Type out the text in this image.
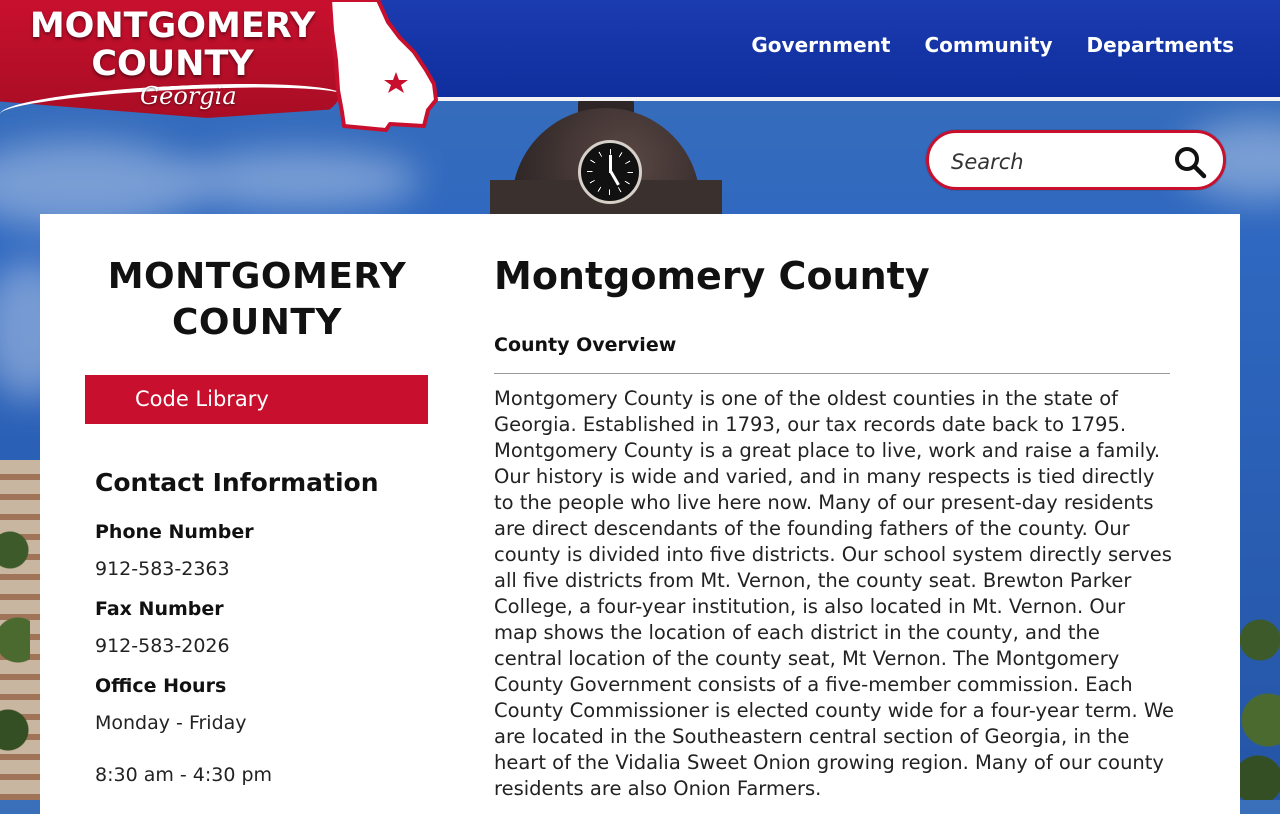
MONTGOMERY
COUNTY
Georgia
Government Community Departments
Search
MONTGOMERY COUNTY
Code Library
Contact Information
Phone Number
912-583-2363
Fax Number
912-583-2026
Office Hours
Monday - Friday
8:30 am - 4:30 pm
Montgomery County
County Overview
Montgomery County is one of the oldest counties in the state of Georgia. Established in 1793, our tax records date back to 1795. Montgomery County is a great place to live, work and raise a family. Our history is wide and varied, and in many respects is tied directly to the people who live here now. Many of our present-day residents are direct descendants of the founding fathers of the county. Our county is divided into five districts. Our school system directly serves all five districts from Mt. Vernon, the county seat. Brewton Parker College, a four-year institution, is also located in Mt. Vernon. Our map shows the location of each district in the county, and the central location of the county seat, Mt Vernon. The Montgomery County Government consists of a five-member commission. Each County Commissioner is elected county wide for a four-year term. We are located in the Southeastern central section of Georgia, in the heart of the Vidalia Sweet Onion growing region. Many of our county residents are also Onion Farmers.
